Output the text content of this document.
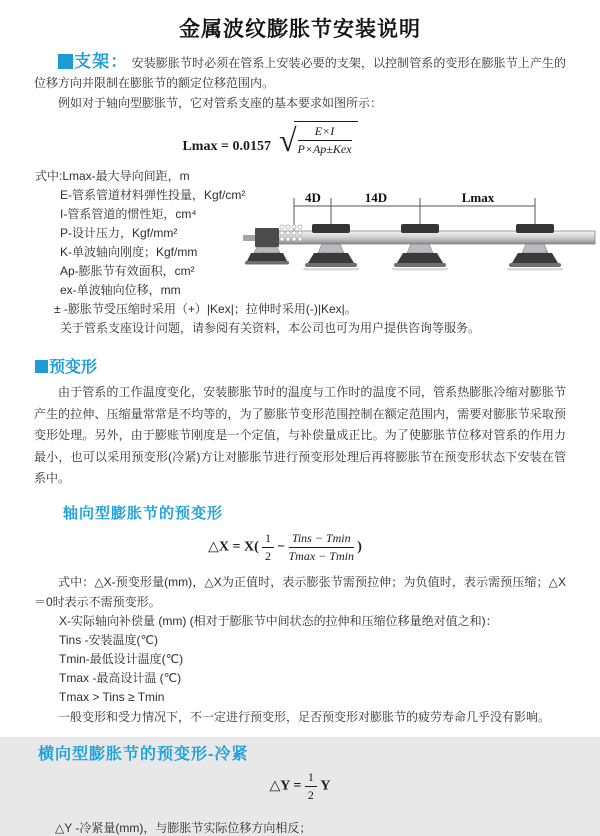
金属波纹膨胀节安装说明

支架： 安装膨胀节时必须在管系上安装必要的支架，以控制管系的变形在膨胀节上产生的位移方向并限制在膨胀节的额定位移范围内。

例如对于轴向型膨胀节，它对管系支座的基本要求如图所示：

Lmax = 0.0157 √ $\frac{E\times I}{\text{P×Ap±Kex}}$
式中:Lmax-最大导向间距，m
E-管系管道材料弹性投量，Kgf/cm²
I-管系管道的惯性矩，cm⁴
P-设计压力，Kgf/mm²
K-单波轴向刚度；Kgf/mm
Ap-膨胀节有效面积，cm²
ex-单波轴向位移，mm
± -膨胀节受压缩时采用（+）|Kex|；拉伸时采用(-)|Kex|。
关于管系支座设计问题，请参阅有关资料，本公司也可为用户提供咨询等服务。
4D	14D	Lmax
预变形

由于管系的工作温度变化，安装膨胀节时的温度与工作时的温度不同，管系热膨胀冷缩对膨胀节产生的拉伸、压缩量常常是不均等的，为了膨胀节变形范围控制在额定范围内，需要对膨胀节采取预变形处理。另外，由于膨账节刚度是一个定值，与补偿量成正比。为了使膨胀节位移对管系的作用力最小，也可以采用预变形(冷紧)方让对膨胀节进行预变形处理后再将膨胀节在预变形状态下安装在管系中。

轴向型膨胀节的预变形
△X = $X( \frac{1}{2} - \frac{\text{Tins − Tmin}}{Tmax - Tmin}$ )

式中：△X-预变形量(mm)，△X为正值时，表示膨张节需预拉伸；为负值时，表示需预压缩；△X＝0时表示不需预变形。

X-实际轴向补偿量 (mm) (相对于膨胀节中间状态的拉伸和压缩位移量绝对值之和)：
Tins -安装温度(℃)
Tmin-最低设计温度(℃)
Tmax -最高设计温 (℃)
Tmax > Tins ≥ Tmin

一般变形和受力情况下，不一定进行预变形，足否预变形对膨胀节的疲劳寿命几乎没有影响。

横向型膨胀节的预变形-冷紧
△Y = $\frac{1}{2}$ Y
△Y -冷紧量(mm)，与膨胀节实际位移方向相反；
